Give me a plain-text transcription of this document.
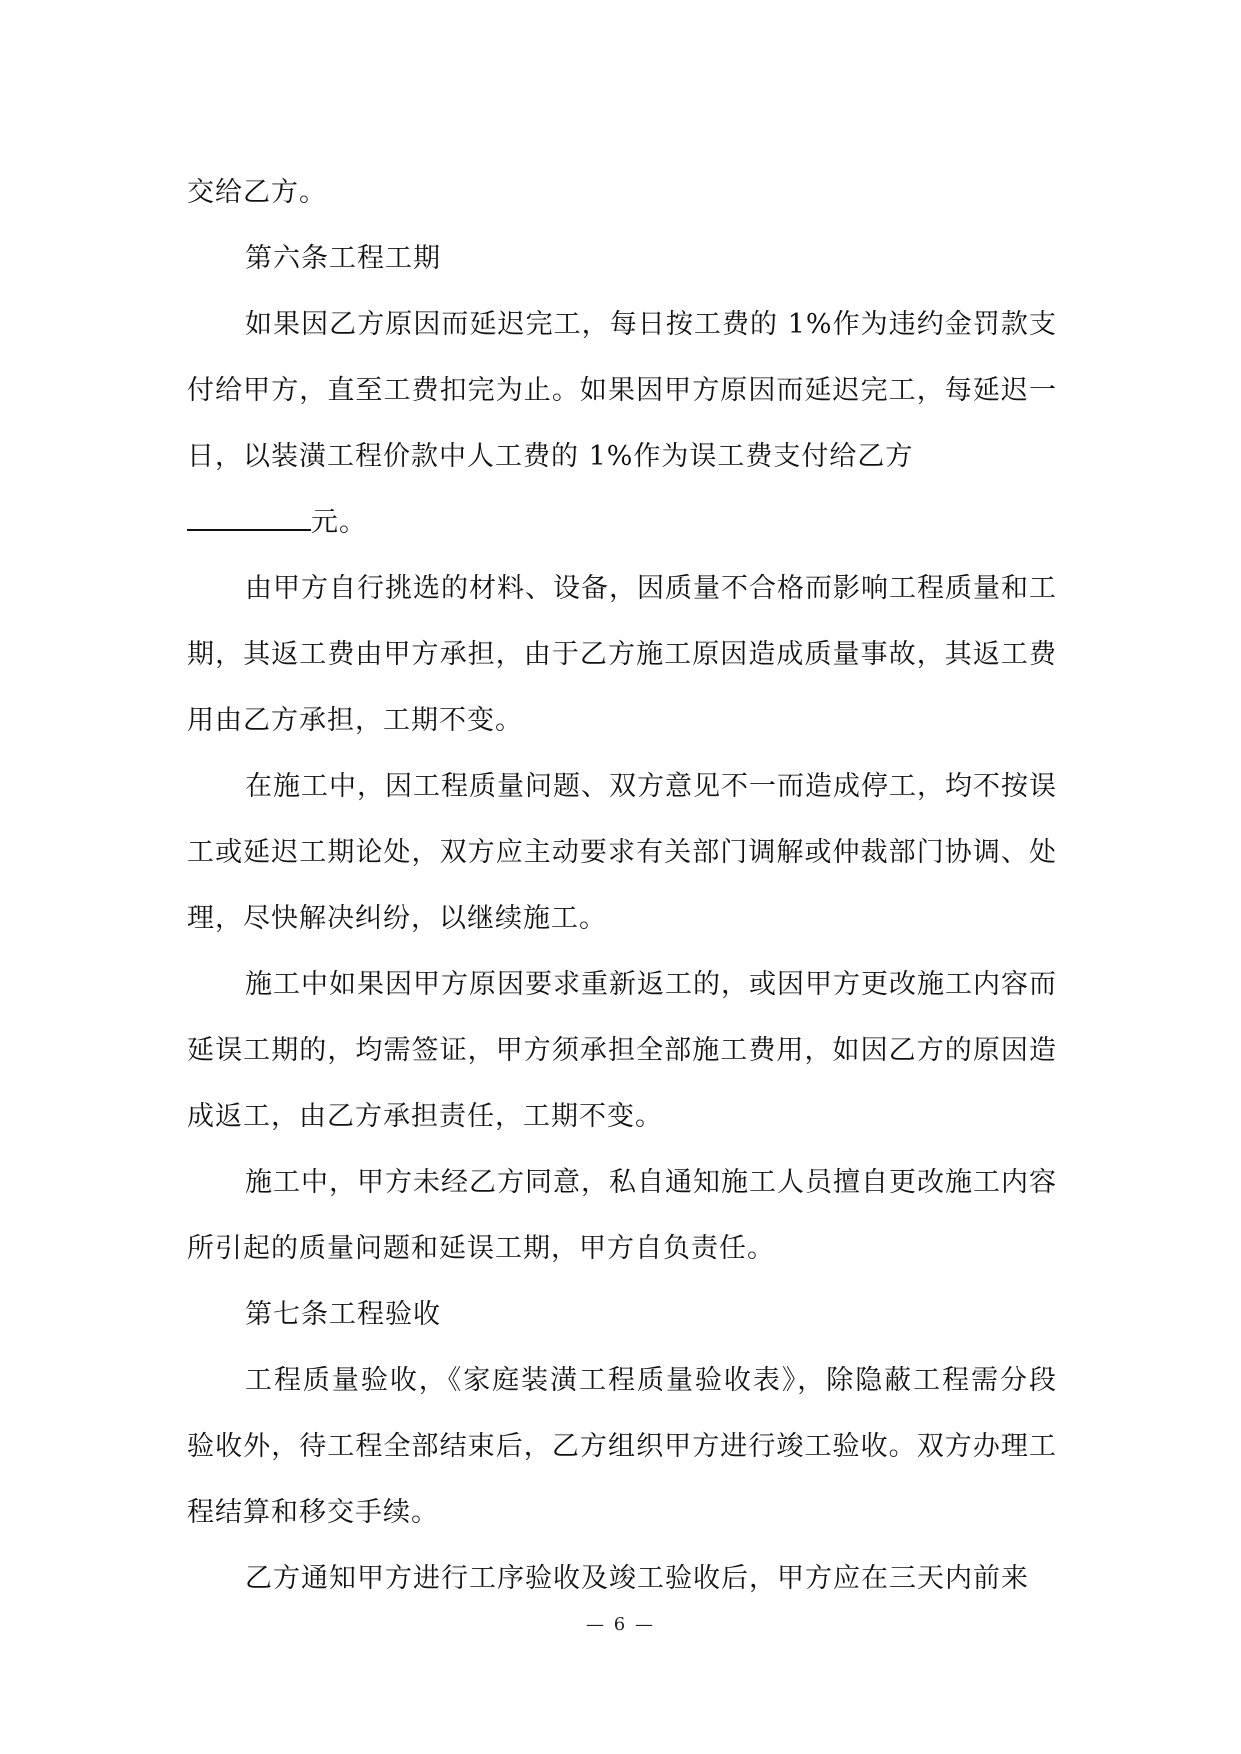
交给乙方。

第六条工程工期

如果因乙方原因而延迟完工，每日按工费的 1%作为违约金罚款支付给甲方，直至工费扣完为止。如果因甲方原因而延迟完工，每延迟一日，以装潢工程价款中人工费的 1%作为误工费支付给乙方
元。

由甲方自行挑选的材料、设备，因质量不合格而影响工程质量和工期，其返工费由甲方承担，由于乙方施工原因造成质量事故，其返工费用由乙方承担，工期不变。

在施工中，因工程质量问题、双方意见不一而造成停工，均不按误工或延迟工期论处，双方应主动要求有关部门调解或仲裁部门协调、处理，尽快解决纠纷，以继续施工。

施工中如果因甲方原因要求重新返工的，或因甲方更改施工内容而延误工期的，均需签证，甲方须承担全部施工费用，如因乙方的原因造成返工，由乙方承担责任，工期不变。

施工中，甲方未经乙方同意，私自通知施工人员擅自更改施工内容所引起的质量问题和延误工期，甲方自负责任。

第七条工程验收

工程质量验收，《家庭装潢工程质量验收表》，除隐蔽工程需分段验收外，待工程全部结束后，乙方组织甲方进行竣工验收。双方办理工程结算和移交手续。

乙方通知甲方进行工序验收及竣工验收后，甲方应在三天内前来

— 6 —
